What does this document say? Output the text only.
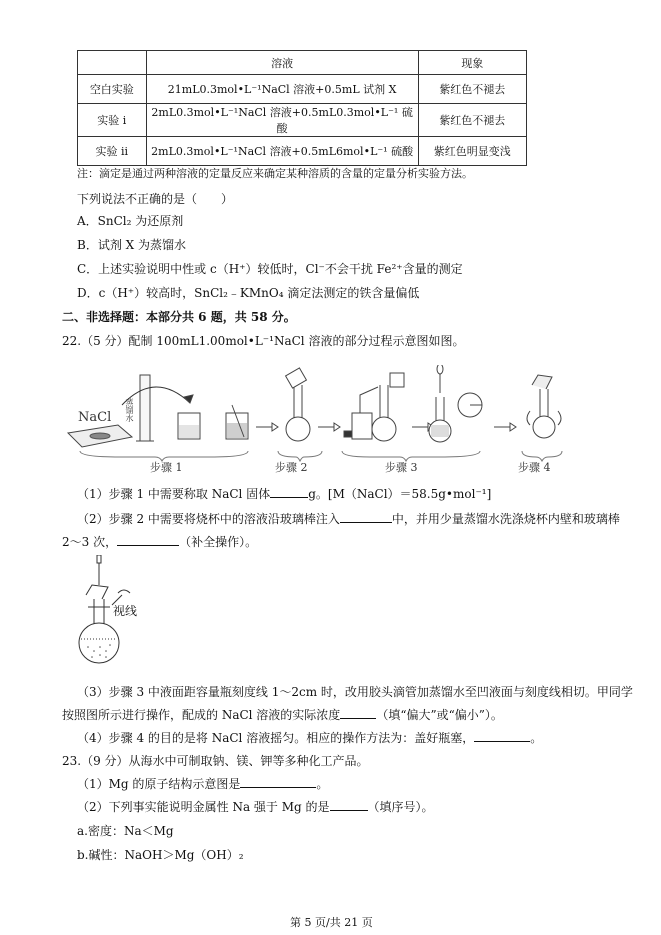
	溶液	现象
空白实验	21mL0.3mol•L⁻¹NaCl 溶液+0.5mL 试剂 X	紫红色不褪去
实验 i	2mL0.3mol•L⁻¹NaCl 溶液+0.5mL0.3mol•L⁻¹ 硫酸	紫红色不褪去
实验 ii	2mL0.3mol•L⁻¹NaCl 溶液+0.5mL6mol•L⁻¹ 硫酸	紫红色明显变浅
注：滴定是通过两种溶液的定量反应来确定某种溶质的含量的定量分析实验方法。
下列说法不正确的是（　　）
A．SnCl₂ 为还原剂
B．试剂 X 为蒸馏水
C．上述实验说明中性或 c（H⁺）较低时，Cl⁻不会干扰 Fe²⁺含量的测定
D．c（H⁺）较高时，SnCl₂﹣KMnO₄ 滴定法测定的铁含量偏低
二、非选择题：本部分共 6 题，共 58 分。
22.（5 分）配制 100mL1.00mol•L⁻¹NaCl 溶液的部分过程示意图如图。
NaCl 蒸馏水
步骤 1	步骤 2	步骤 3	步骤 4
（1）步骤 1 中需要称取 NaCl 固体	g。[M（NaCl）＝58.5g•mol⁻¹]
（2）步骤 2 中需要将烧杯中的溶液沿玻璃棒注入	中，并用少量蒸馏水洗涤烧杯内壁和玻璃棒
2～3 次，	（补全操作）。
视线
（3）步骤 3 中液面距容量瓶刻度线 1～2cm 时，改用胶头滴管加蒸馏水至凹液面与刻度线相切。甲同学
按照图所示进行操作，配成的 NaCl 溶液的实际浓度	（填“偏大”或“偏小”）。
（4）步骤 4 的目的是将 NaCl 溶液摇匀。相应的操作方法为：盖好瓶塞，	。
23.（9 分）从海水中可制取钠、镁、钾等多种化工产品。
（1）Mg 的原子结构示意图是	。
（2）下列事实能说明金属性 Na 强于 Mg 的是	（填序号）。
a.密度：Na＜Mg
b.碱性：NaOH＞Mg（OH）₂
第 5 页/共 21 页
